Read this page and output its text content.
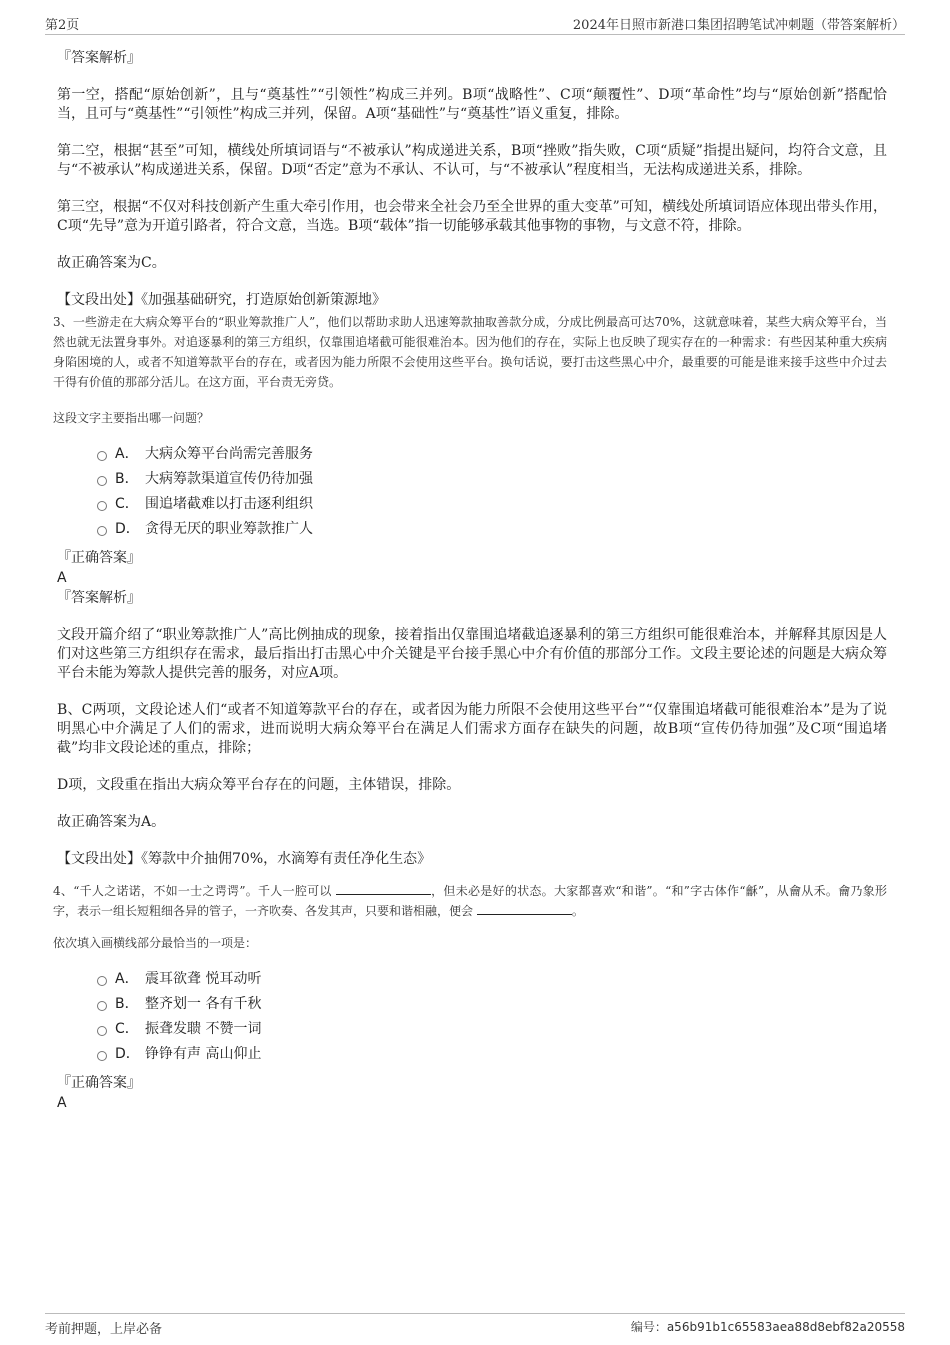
第2页	2024年日照市新港口集团招聘笔试冲刺题（带答案解析）

『答案解析』

第一空，搭配“原始创新”，且与“奠基性”“引领性”构成三并列。B项“战略性”、C项“颠覆性”、D项“革命性”均与“原始创新”搭配恰当，且可与“奠基性”“引领性”构成三并列，保留。A项“基础性”与“奠基性”语义重复，排除。

第二空，根据“甚至”可知，横线处所填词语与“不被承认”构成递进关系，B项“挫败”指失败，C项“质疑”指提出疑问，均符合文意，且与“不被承认”构成递进关系，保留。D项“否定”意为不承认、不认可，与“不被承认”程度相当，无法构成递进关系，排除。

第三空，根据“不仅对科技创新产生重大牵引作用，也会带来全社会乃至全世界的重大变革”可知，横线处所填词语应体现出带头作用，C项“先导”意为开道引路者，符合文意，当选。B项“载体”指一切能够承载其他事物的事物，与文意不符，排除。

故正确答案为C。

【文段出处】《加强基础研究，打造原始创新策源地》

3、一些游走在大病众筹平台的“职业筹款推广人”，他们以帮助求助人迅速筹款抽取善款分成，分成比例最高可达70%，这就意味着，某些大病众筹平台，当然也就无法置身事外。对追逐暴利的第三方组织，仅靠围追堵截可能很难治本。因为他们的存在，实际上也反映了现实存在的一种需求：有些因某种重大疾病身陷困境的人，或者不知道筹款平台的存在，或者因为能力所限不会使用这些平台。换句话说，要打击这些黑心中介，最重要的可能是谁来接手这些中介过去干得有价值的那部分活儿。在这方面，平台责无旁贷。

这段文字主要指出哪一问题？

A． 大病众筹平台尚需完善服务
B． 大病筹款渠道宣传仍待加强
C． 围追堵截难以打击逐利组织
D． 贪得无厌的职业筹款推广人

『正确答案』

A

『答案解析』

文段开篇介绍了“职业筹款推广人”高比例抽成的现象，接着指出仅靠围追堵截追逐暴利的第三方组织可能很难治本，并解释其原因是人们对这些第三方组织存在需求，最后指出打击黑心中介关键是平台接手黑心中介有价值的那部分工作。文段主要论述的问题是大病众筹平台未能为筹款人提供完善的服务，对应A项。

B、C两项，文段论述人们“或者不知道筹款平台的存在，或者因为能力所限不会使用这些平台”“仅靠围追堵截可能很难治本”是为了说明黑心中介满足了人们的需求，进而说明大病众筹平台在满足人们需求方面存在缺失的问题，故B项“宣传仍待加强”及C项“围追堵截”均非文段论述的重点，排除；

D项，文段重在指出大病众筹平台存在的问题，主体错误，排除。

故正确答案为A。

【文段出处】《筹款中介抽佣70%，水滴筹有责任净化生态》

4、“千人之诺诺，不如一士之谔谔”。千人一腔可以	，但未必是好的状态。大家都喜欢“和谐”。“和”字古体作“龢”，从龠从禾。龠乃象形字，表示一组长短粗细各异的管子，一齐吹奏、各发其声，只要和谐相融，便会	。

依次填入画横线部分最恰当的一项是：

A． 震耳欲聋 悦耳动听
B． 整齐划一 各有千秋
C． 振聋发聩 不赞一词
D． 铮铮有声 高山仰止

『正确答案』

A

考前押题，上岸必备	编号：a56b91b1c65583aea88d8ebf82a20558
